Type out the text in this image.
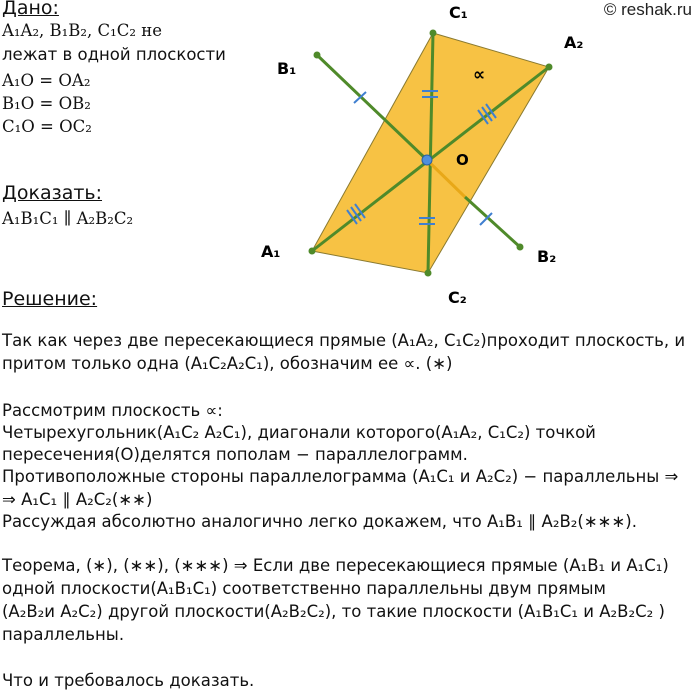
© reshak.ru
Дано:
A₁A₂, B₁B₂, C₁C₂ не
лежат в одной плоскости
A₁O = OA₂
B₁O = OB₂
C₁O = OC₂
Доказать:
A₁B₁C₁ ∥ A₂B₂C₂
C₁
A₂
B₁	∝
O
A₁	B₂
C₂
Решение:
Так как через две пересекающиеся прямые (A₁A₂, C₁C₂)проходит плоскость, и
притом только одна (A₁C₂A₂C₁), обозначим ее ∝. (∗)
Рассмотрим плоскость ∝:
Четырехугольник(A₁C₂ A₂C₁), диагонали которого(A₁A₂, C₁C₂) точкой
пересечения(O)делятся пополам − параллелограмм.
Противоположные стороны параллелограмма (A₁C₁ и A₂C₂) − параллельны ⇒
⇒ A₁C₁ ∥ A₂C₂(∗∗)
Рассуждая абсолютно аналогично легко докажем, что A₁B₁ ∥ A₂B₂(∗∗∗).
Теорема, (∗), (∗∗), (∗∗∗) ⇒ Если две пересекающиеся прямые (A₁B₁ и A₁C₁)
одной плоскости(A₁B₁C₁) соответственно параллельны двум прямым
(A₂B₂и A₂C₂) другой плоскости(A₂B₂C₂), то такие плоскости (A₁B₁C₁ и A₂B₂C₂ )
параллельны.
Что и требовалось доказать.
